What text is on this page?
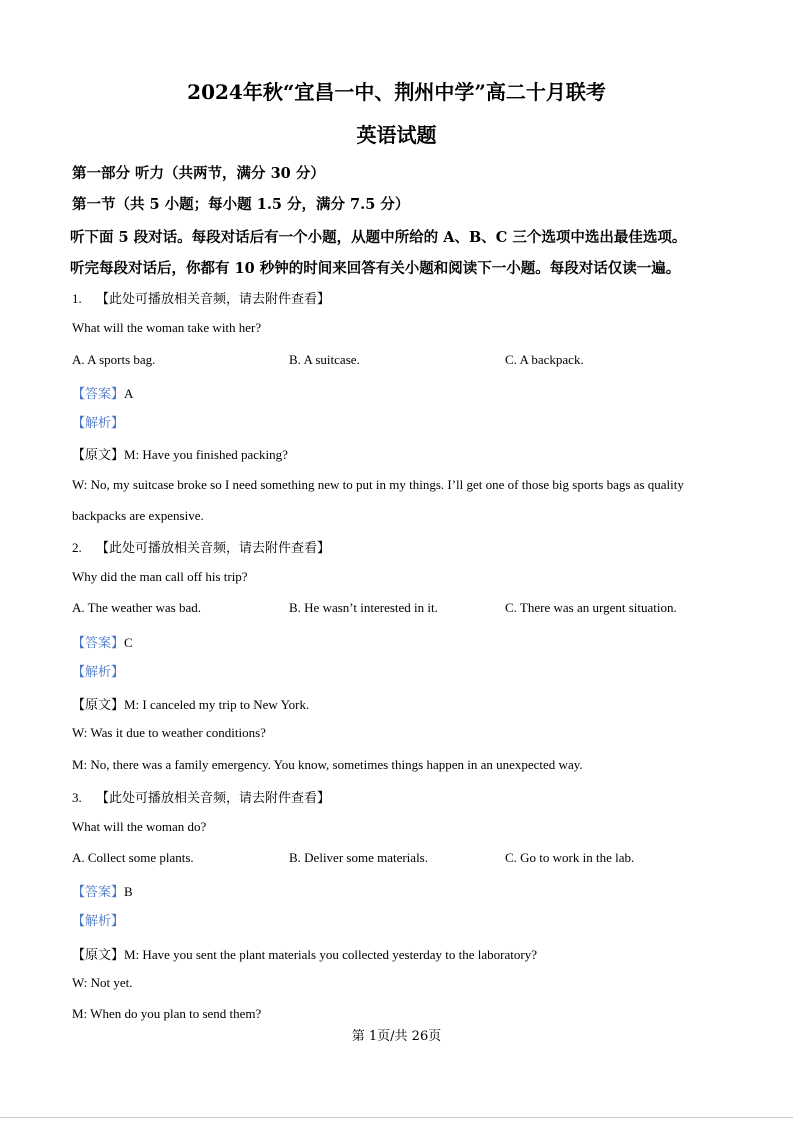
2024年秋“宜昌一中、荆州中学”高二十月联考
英语试题
第一部分 听力（共两节，满分 30 分）
第一节（共 5 小题；每小题 1.5 分，满分 7.5 分）
听下面 5 段对话。每段对话后有一个小题，从题中所给的 A、B、C 三个选项中选出最佳选项。
听完每段对话后，你都有 10 秒钟的时间来回答有关小题和阅读下一小题。每段对话仅读一遍。
1. 【此处可播放相关音频，请去附件查看】
What will the woman take with her?
A. A sports bag.	B. A suitcase.	C. A backpack.
【答案】A
【解析】
【原文】M: Have you finished packing?
W: No, my suitcase broke so I need something new to put in my things. I’ll get one of those big sports bags as quality
backpacks are expensive.
2. 【此处可播放相关音频，请去附件查看】
Why did the man call off his trip?
A. The weather was bad.	B. He wasn’t interested in it.	C. There was an urgent situation.
【答案】C
【解析】
【原文】M: I canceled my trip to New York.
W: Was it due to weather conditions?
M: No, there was a family emergency. You know, sometimes things happen in an unexpected way.
3. 【此处可播放相关音频，请去附件查看】
What will the woman do?
A. Collect some plants.	B. Deliver some materials.	C. Go to work in the lab.
【答案】B
【解析】
【原文】M: Have you sent the plant materials you collected yesterday to the laboratory?
W: Not yet.
M: When do you plan to send them?
第 1页/共 26页
